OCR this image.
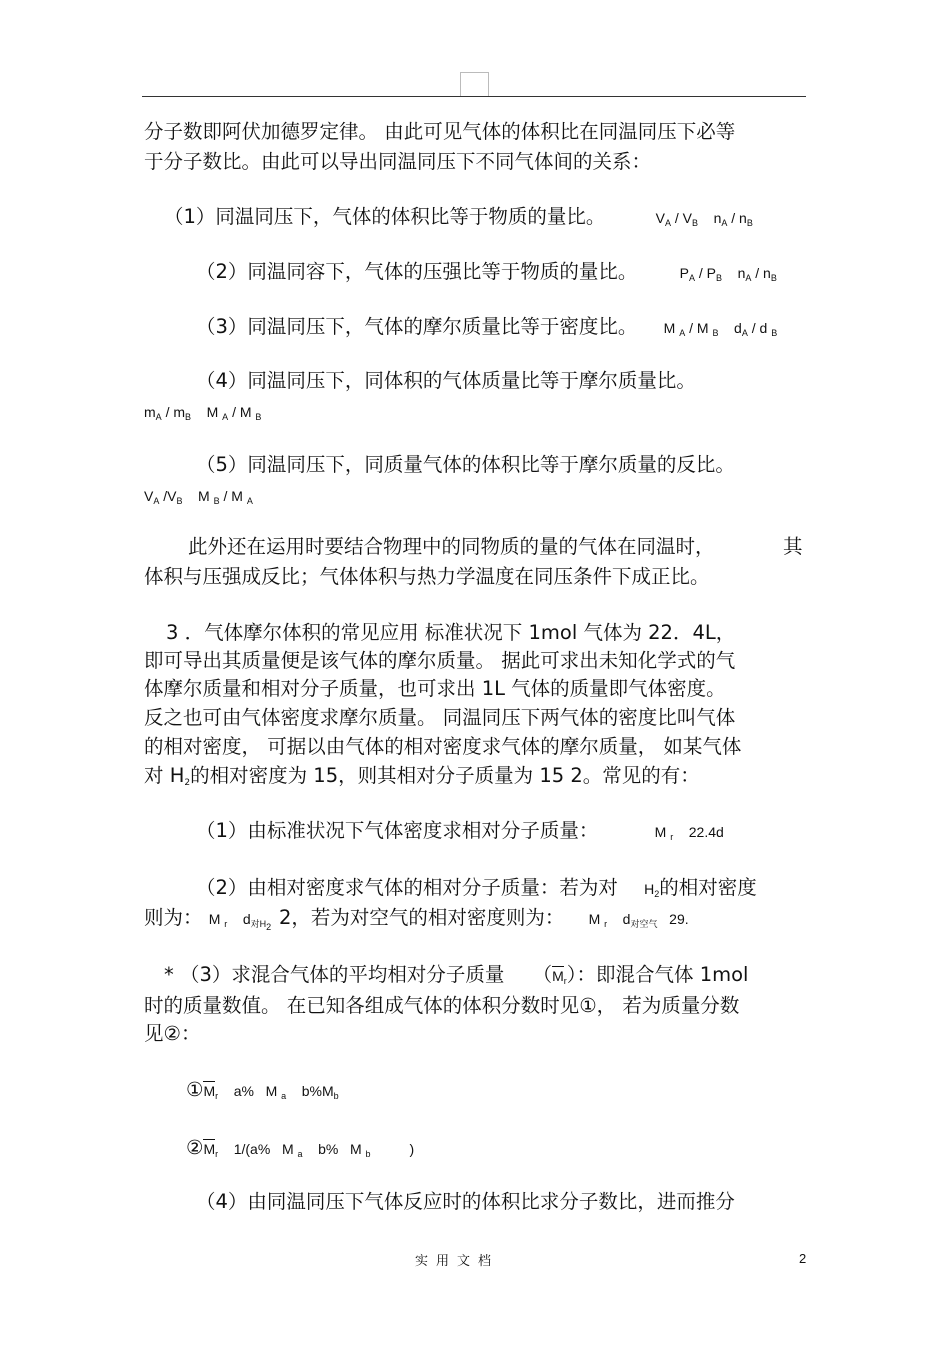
分子数即阿伏加德罗定律。 由此可见气体的体积比在同温同压下必等
于分子数比。由此可以导出同温同压下不同气体间的关系：
（1）同温同压下，气体的体积比等于物质的量比。	$V_A / V_B$    $n_A / n_B$
（2）同温同容下，气体的压强比等于物质的量比。	$P_A / P_B$    $n_A / n_B$
（3）同温同压下，气体的摩尔质量比等于密度比。 M $_A$ / M $_B$    $d_A$ / d $_B$
（4）同温同压下，同体积的气体质量比等于摩尔质量比。
$m_A / m_B$    M $_A$ / M $_B$
（5）同温同压下，同质量气体的体积比等于摩尔质量的反比。
$V_A$ $/V_B$    M $_B$ / M $_A$
此外还在运用时要结合物理中的同物质的量的气体在同温时，	其
体积与压强成反比；气体体积与热力学温度在同压条件下成正比。
3 ．气体摩尔体积的常见应用 标准状况下 1mol 气体为 22．4L，
即可导出其质量便是该气体的摩尔质量。 据此可求出未知化学式的气
体摩尔质量和相对分子质量，也可求出 1L 气体的质量即气体密度。
反之也可由气体密度求摩尔质量。 同温同压下两气体的密度比叫气体
的相对密度， 可据以由气体的相对密度求气体的摩尔质量， 如某气体
对 H2的相对密度为 15，则其相对分子质量为 15 2。常见的有：
（1）由标准状况下气体密度求相对分子质量：	M $_r$ 22.4d
（2）由相对密度求气体的相对分子质量：若为对 $H_2$的相对密度
则为： M $_r$    $d_{对H_2}$ 2，若为对空气的相对密度则为： M $_r$    $d_{对空气}$ 29.
* （3）求混合气体的平均相对分子质量 $(M_r)$：即混合气体 1mol
时的质量数值。 在已知各组成气体的体积分数时见①， 若为质量分数
见②：
$①M_r$    a%   M $_a$    $b\%M_b$
$②M_r$    1/(a%   M $_a$    b%   M $_b$          )
（4）由同温同压下气体反应时的体积比求分子数比，进而推分
实用文档	2
